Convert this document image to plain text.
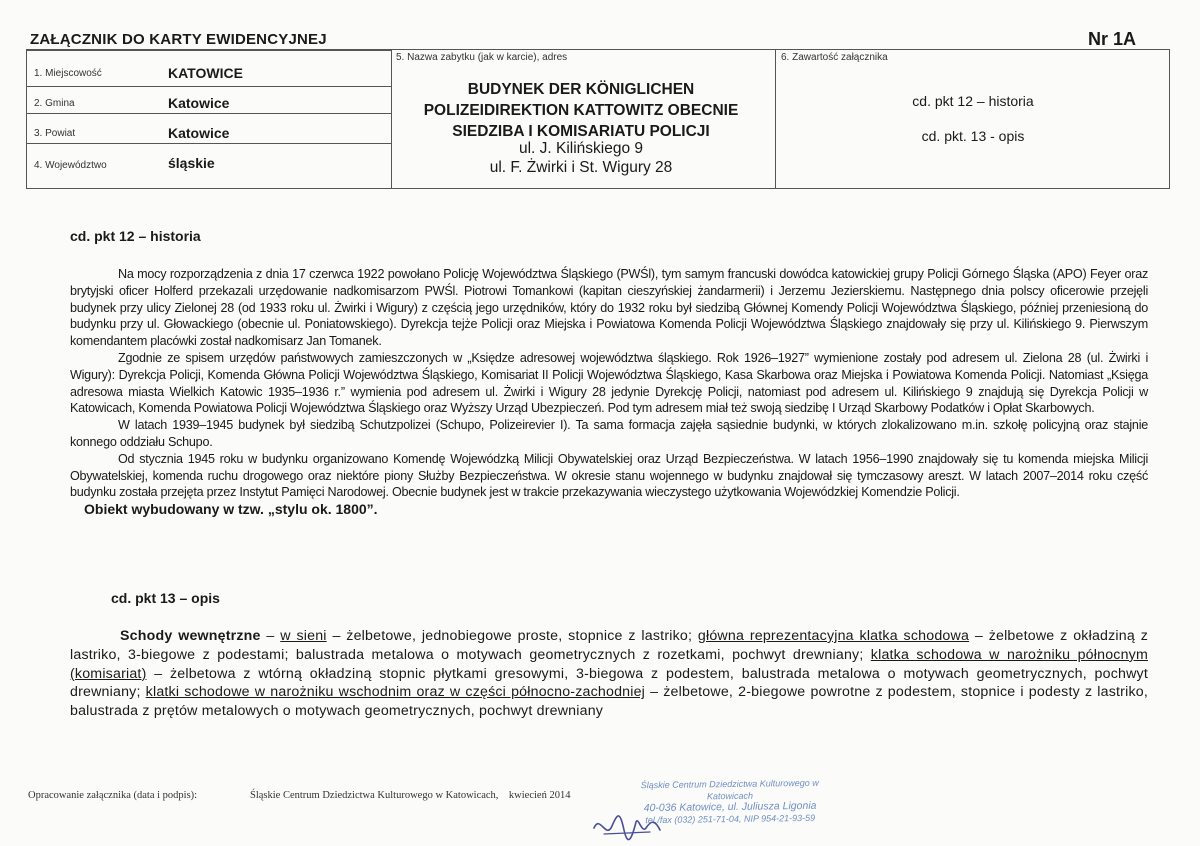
ZAŁĄCZNIK DO KARTY EWIDENCYJNEJ	Nr 1A
1. Miejscowość	KATOWICE
2. Gmina	Katowice
3. Powiat	Katowice
4. Województwo	śląskie
5. Nazwa zabytku (jak w karcie), adres
BUDYNEK DER KÖNIGLICHEN
POLIZEIDIREKTION KATTOWITZ OBECNIE
SIEDZIBA I KOMISARIATU POLICJI
ul. J. Kilińskiego 9
ul. F. Żwirki i St. Wigury 28
6. Zawartość załącznika
cd. pkt 12 – historia
cd. pkt. 13 - opis
cd. pkt 12 – historia

Na mocy rozporządzenia z dnia 17 czerwca 1922 powołano Policję Województwa Śląskiego (PWŚl), tym samym francuski dowódca katowickiej grupy Policji Górnego Śląska (APO) Feyer oraz brytyjski oficer Holferd przekazali urzędowanie nadkomisarzom PWŚl. Piotrowi Tomankowi (kapitan cieszyńskiej żandarmerii) i Jerzemu Jezierskiemu. Następnego dnia polscy oficerowie przejęli budynek przy ulicy Zielonej 28 (od 1933 roku ul. Żwirki i Wigury) z częścią jego urzędników, który do 1932 roku był siedzibą Głównej Komendy Policji Województwa Śląskiego, później przeniesioną do budynku przy ul. Głowackiego (obecnie ul. Poniatowskiego). Dyrekcja tejże Policji oraz Miejska i Powiatowa Komenda Policji Województwa Śląskiego znajdowały się przy ul. Kilińskiego 9. Pierwszym komendantem placówki został nadkomisarz Jan Tomanek.

Zgodnie ze spisem urzędów państwowych zamieszczonych w „Księdze adresowej województwa śląskiego. Rok 1926–1927” wymienione zostały pod adresem ul. Zielona 28 (ul. Żwirki i Wigury): Dyrekcja Policji, Komenda Główna Policji Województwa Śląskiego, Komisariat II Policji Województwa Śląskiego, Kasa Skarbowa oraz Miejska i Powiatowa Komenda Policji. Natomiast „Księga adresowa miasta Wielkich Katowic 1935–1936 r.” wymienia pod adresem ul. Żwirki i Wigury 28 jedynie Dyrekcję Policji, natomiast pod adresem ul. Kilińskiego 9 znajdują się Dyrekcja Policji w Katowicach, Komenda Powiatowa Policji Województwa Śląskiego oraz Wyższy Urząd Ubezpieczeń. Pod tym adresem miał też swoją siedzibę I Urząd Skarbowy Podatków i Opłat Skarbowych.

W latach 1939–1945 budynek był siedzibą Schutzpolizei (Schupo, Polizeirevier I). Ta sama formacja zajęła sąsiednie budynki, w których zlokalizowano m.in. szkołę policyjną oraz stajnie konnego oddziału Schupo.

Od stycznia 1945 roku w budynku organizowano Komendę Wojewódzką Milicji Obywatelskiej oraz Urząd Bezpieczeństwa. W latach 1956–1990 znajdowały się tu komenda miejska Milicji Obywatelskiej, komenda ruchu drogowego oraz niektóre piony Służby Bezpieczeństwa. W okresie stanu wojennego w budynku znajdował się tymczasowy areszt. W latach 2007–2014 roku część budynku została przejęta przez Instytut Pamięci Narodowej. Obecnie budynek jest w trakcie przekazywania wieczystego użytkowania Wojewódzkiej Komendzie Policji.

Obiekt wybudowany w tzw. „stylu ok. 1800”.

cd. pkt 13 – opis
Schody wewnętrzne – w sieni – żelbetowe, jednobiegowe proste, stopnice z lastriko; główna reprezentacyjna klatka schodowa – żelbetowe z okładziną z lastriko, 3-biegowe z podestami; balustrada metalowa o motywach geometrycznych z rozetkami, pochwyt drewniany; klatka schodowa w narożniku północnym (komisariat) – żelbetowa z wtórną okładziną stopnic płytkami gresowymi, 3-biegowa z podestem, balustrada metalowa o motywach geometrycznych, pochwyt drewniany; klatki schodowe w narożniku wschodnim oraz w części północno-zachodniej – żelbetowe, 2-biegowe powrotne z podestem, stopnice i podesty z lastriko, balustrada z prętów metalowych o motywach geometrycznych, pochwyt drewniany
Opracowanie załącznika (data i podpis):	Śląskie Centrum Dziedzictwa Kulturowego w Katowicach,    kwiecień 2014
Śląskie Centrum Dziedzictwa Kulturowego w Katowicach
40-036 Katowice, ul. Juliusza Ligonia
tel./fax (032) 251-71-04, NIP 954-21-93-59
